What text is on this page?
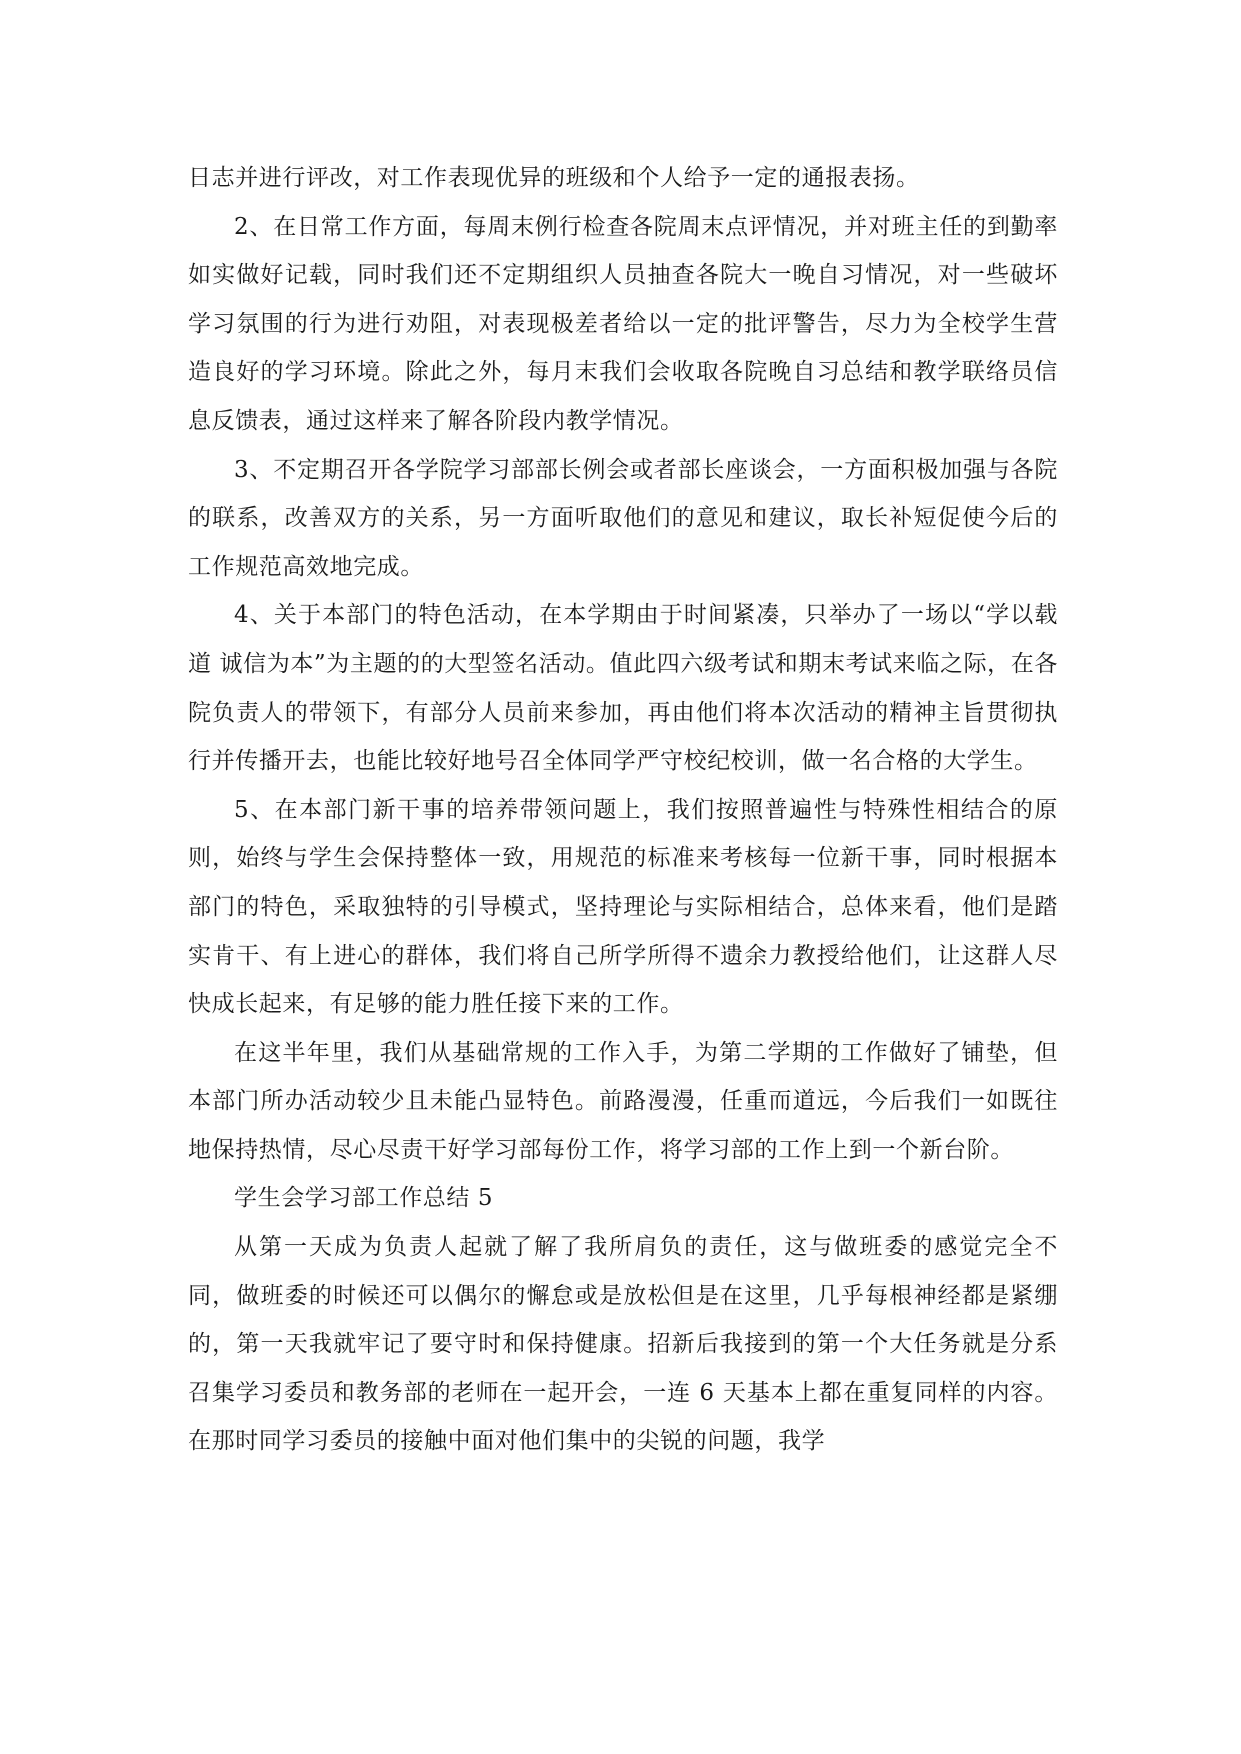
日志并进行评改，对工作表现优异的班级和个人给予一定的通报表扬。

2、在日常工作方面，每周末例行检查各院周末点评情况，并对班主任的到勤率如实做好记载，同时我们还不定期组织人员抽查各院大一晚自习情况，对一些破坏学习氛围的行为进行劝阻，对表现极差者给以一定的批评警告，尽力为全校学生营造良好的学习环境。除此之外，每月末我们会收取各院晚自习总结和教学联络员信息反馈表，通过这样来了解各阶段内教学情况。

3、不定期召开各学院学习部部长例会或者部长座谈会，一方面积极加强与各院的联系，改善双方的关系，另一方面听取他们的意见和建议，取长补短促使今后的工作规范高效地完成。

4、关于本部门的特色活动，在本学期由于时间紧凑，只举办了一场以“学以载道 诚信为本”为主题的的大型签名活动。值此四六级考试和期末考试来临之际，在各院负责人的带领下，有部分人员前来参加，再由他们将本次活动的精神主旨贯彻执行并传播开去，也能比较好地号召全体同学严守校纪校训，做一名合格的大学生。

5、在本部门新干事的培养带领问题上，我们按照普遍性与特殊性相结合的原则，始终与学生会保持整体一致，用规范的标准来考核每一位新干事，同时根据本部门的特色，采取独特的引导模式，坚持理论与实际相结合，总体来看，他们是踏实肯干、有上进心的群体，我们将自己所学所得不遗余力教授给他们，让这群人尽快成长起来，有足够的能力胜任接下来的工作。

在这半年里，我们从基础常规的工作入手，为第二学期的工作做好了铺垫，但本部门所办活动较少且未能凸显特色。前路漫漫，任重而道远，今后我们一如既往地保持热情，尽心尽责干好学习部每份工作，将学习部的工作上到一个新台阶。

学生会学习部工作总结 5

从第一天成为负责人起就了解了我所肩负的责任，这与做班委的感觉完全不同，做班委的时候还可以偶尔的懈怠或是放松但是在这里，几乎每根神经都是紧绷的，第一天我就牢记了要守时和保持健康。招新后我接到的第一个大任务就是分系召集学习委员和教务部的老师在一起开会，一连 6 天基本上都在重复同样的内容。在那时同学习委员的接触中面对他们集中的尖锐的问题，我学
